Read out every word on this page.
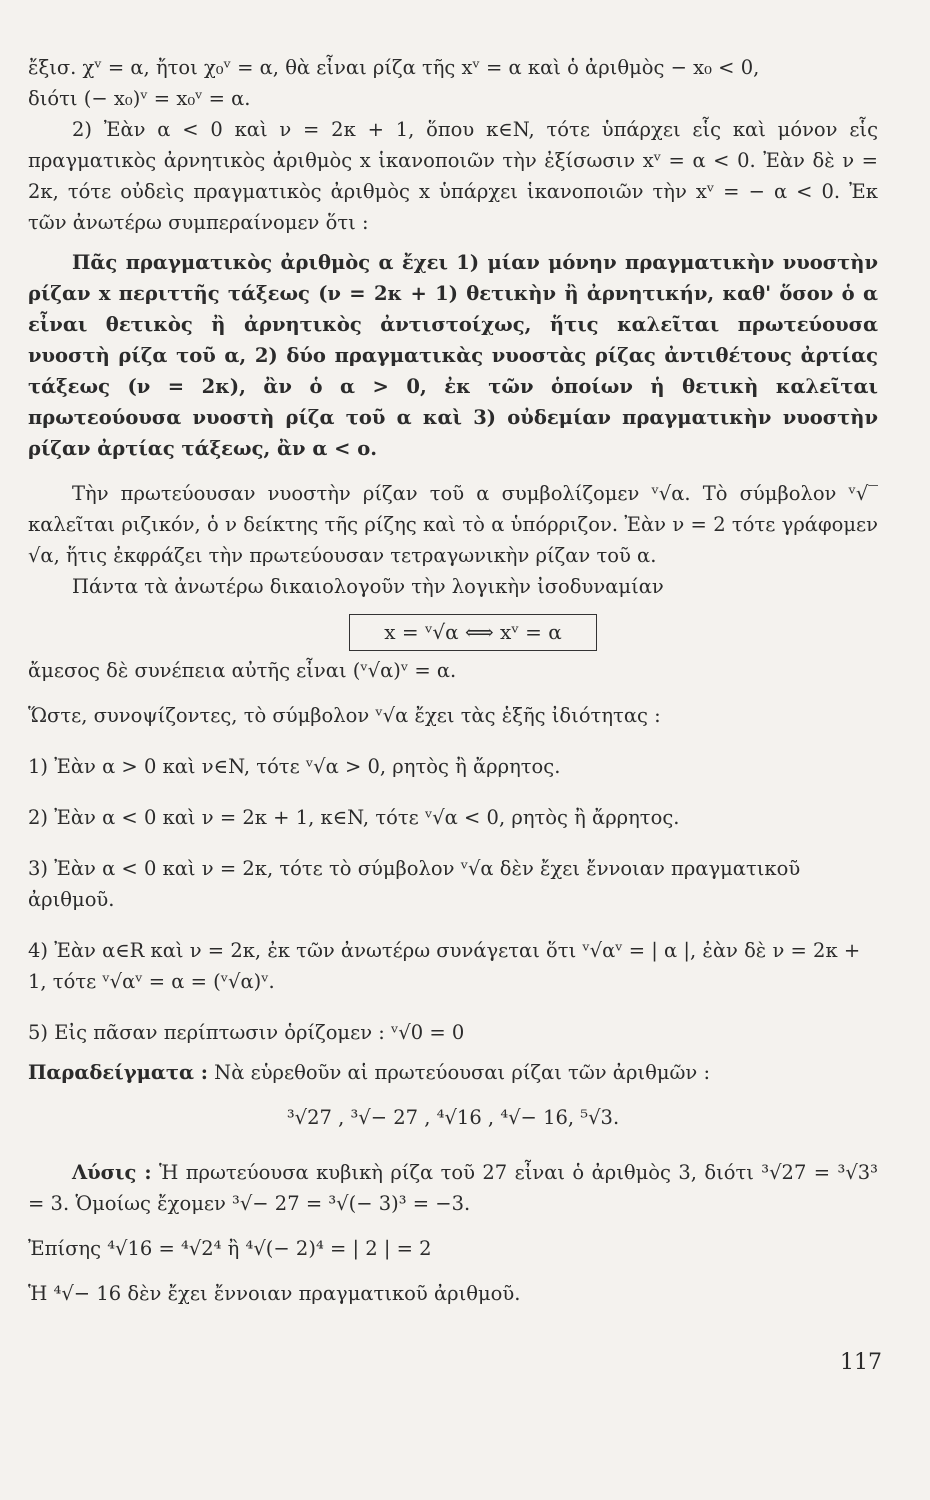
ἔξισ. χᵛ = α, ἤτοι χ₀ᵛ = α, θὰ εἶναι ρίζα τῆς xᵛ = α καὶ ὁ ἀριθμὸς − x₀ < 0,

διότι (− x₀)ᵛ = x₀ᵛ = α.

2) Ἐὰν α < 0 καὶ ν = 2κ + 1, ὅπου κ∈N, τότε ὑπάρχει εἷς καὶ μόνον εἷς πραγματικὸς ἀρνητικὸς ἀριθμὸς x ἱκανοποιῶν τὴν ἐξίσωσιν xᵛ = α < 0. Ἐὰν δὲ ν = 2κ, τότε οὐδεὶς πραγματικὸς ἀριθμὸς x ὑπάρχει ἱκανοποιῶν τὴν xᵛ = − α < 0. Ἐκ τῶν ἀνωτέρω συμπεραίνομεν ὅτι :

Πᾶς πραγματικὸς ἀριθμὸς α ἔχει 1) μίαν μόνην πραγματικὴν νυοστὴν ρίζαν x περιττῆς τάξεως (ν = 2κ + 1) θετικὴν ἢ ἀρνητικήν, καθ' ὅσον ὁ α εἶναι θετικὸς ἢ ἀρνητικὸς ἀντιστοίχως, ἥτις καλεῖται πρωτεύουσα νυοστὴ ρίζα τοῦ α, 2) δύο πραγματικὰς νυοστὰς ρίζας ἀντιθέτους ἀρτίας τάξεως (ν = 2κ), ἂν ὁ α > 0, ἐκ τῶν ὁποίων ἡ θετικὴ καλεῖται πρωτεούουσα νυοστὴ ρίζα τοῦ α καὶ 3) οὐδεμίαν πραγματικὴν νυοστὴν ρίζαν ἀρτίας τάξεως, ἂν α < ο.

Τὴν πρωτεύουσαν νυοστὴν ρίζαν τοῦ α συμβολίζομεν ᵛ√α. Τὸ σύμβολον ᵛ√‾ καλεῖται ριζικόν, ὁ ν δείκτης τῆς ρίζης καὶ τὸ α ὑπόρριζον. Ἐὰν ν = 2 τότε γράφομεν √α, ἥτις ἐκφράζει τὴν πρωτεύουσαν τετραγωνικὴν ρίζαν τοῦ α.

Πάντα τὰ ἀνωτέρω δικαιολογοῦν τὴν λογικὴν ἰσοδυναμίαν

x = ᵛ√α ⟺ xᵛ = α

ἄμεσος δὲ συνέπεια αὐτῆς εἶναι (ᵛ√α)ᵛ = α.

Ὥστε, συνοψίζοντες, τὸ σύμβολον ᵛ√α ἔχει τὰς ἑξῆς ἰδιότητας :

1) Ἐὰν α > 0 καὶ ν∈N, τότε ᵛ√α > 0, ρητὸς ἢ ἄρρητος.

2) Ἐὰν α < 0 καὶ ν = 2κ + 1, κ∈N, τότε ᵛ√α < 0, ρητὸς ἢ ἄρρητος.

3) Ἐὰν α < 0 καὶ ν = 2κ, τότε τὸ σύμβολον ᵛ√α δὲν ἔχει ἔννοιαν πραγματικοῦ ἀριθμοῦ.

4) Ἐὰν α∈R καὶ ν = 2κ, ἐκ τῶν ἀνωτέρω συνάγεται ὅτι ᵛ√αᵛ = | α |, ἐὰν δὲ ν = 2κ + 1, τότε ᵛ√αᵛ = α = (ᵛ√α)ᵛ.

5) Εἰς πᾶσαν περίπτωσιν ὁρίζομεν : ᵛ√0 = 0

Παραδείγματα : Νὰ εὑρεθοῦν αἱ πρωτεύουσαι ρίζαι τῶν ἀριθμῶν :

³√27 , ³√− 27 , ⁴√16 , ⁴√− 16, ⁵√3.

Λύσις : Ἡ πρωτεύουσα κυβικὴ ρίζα τοῦ 27 εἶναι ὁ ἀριθμὸς 3, διότι ³√27 = ³√3³ = 3. Ὁμοίως ἔχομεν ³√− 27 = ³√(− 3)³ = −3.

Ἐπίσης ⁴√16 = ⁴√2⁴ ἢ ⁴√(− 2)⁴ = | 2 | = 2

Ἡ ⁴√− 16 δὲν ἔχει ἔννοιαν πραγματικοῦ ἀριθμοῦ.

117
